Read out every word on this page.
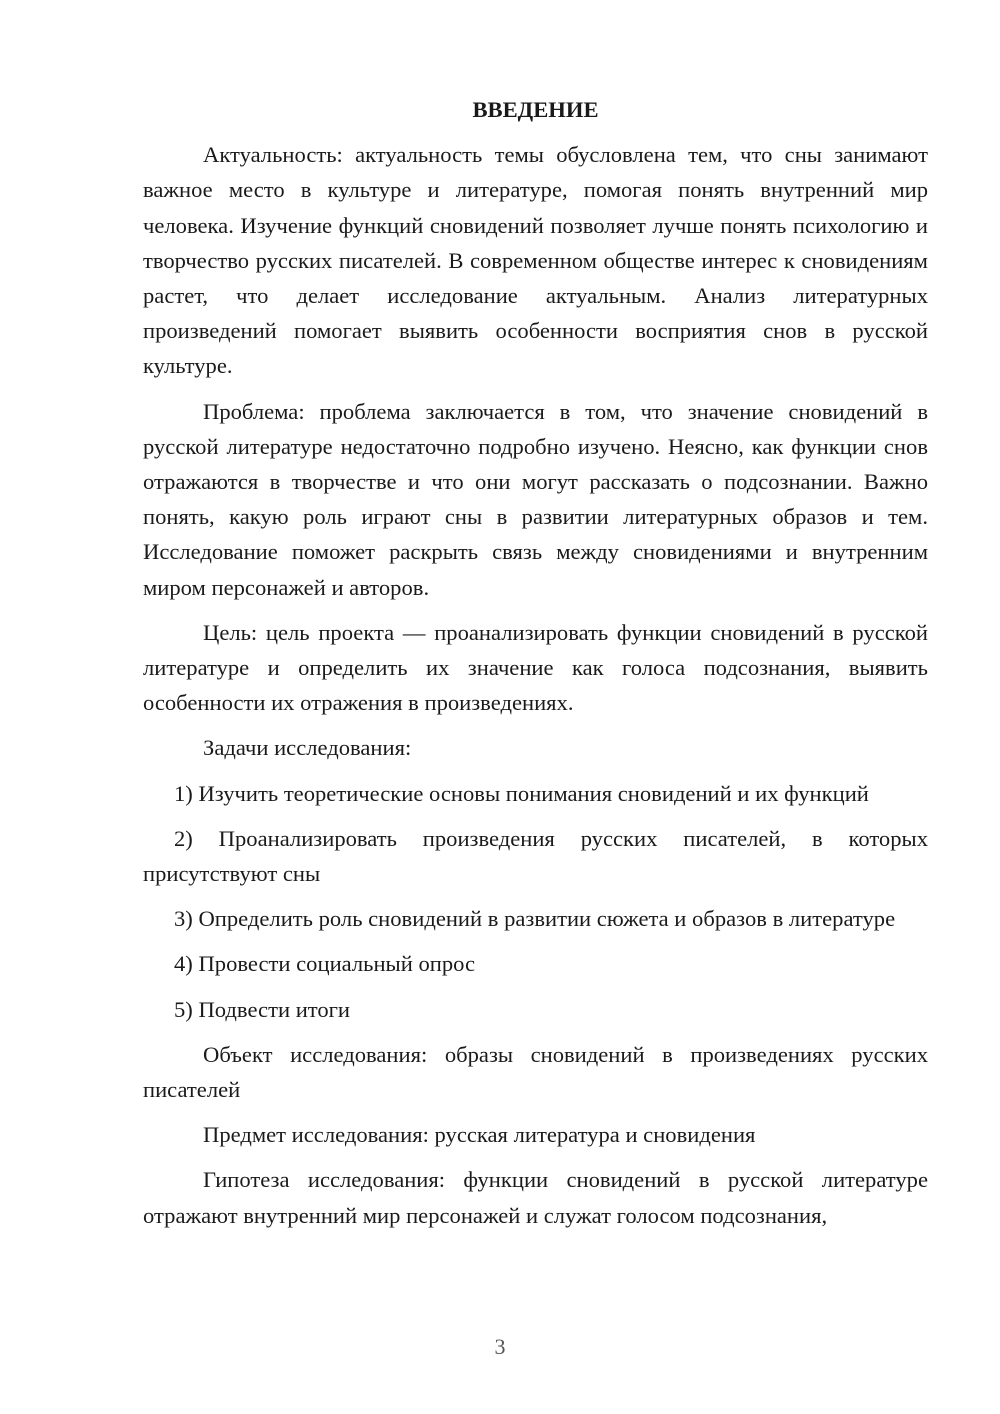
ВВЕДЕНИЕ

Актуальность: актуальность темы обусловлена тем, что сны занимают важное место в культуре и литературе, помогая понять внутренний мир человека. Изучение функций сновидений позволяет лучше понять психологию и творчество русских писателей. В современном обществе интерес к сновидениям растет, что делает исследование актуальным. Анализ литературных произведений помогает выявить особенности восприятия снов в русской культуре.

Проблема: проблема заключается в том, что значение сновидений в русской литературе недостаточно подробно изучено. Неясно, как функции снов отражаются в творчестве и что они могут рассказать о подсознании. Важно понять, какую роль играют сны в развитии литературных образов и тем. Исследование поможет раскрыть связь между сновидениями и внутренним миром персонажей и авторов.

Цель: цель проекта — проанализировать функции сновидений в русской литературе и определить их значение как голоса подсознания, выявить особенности их отражения в произведениях.

Задачи исследования:

1) Изучить теоретические основы понимания сновидений и их функций

2) Проанализировать произведения русских писателей, в которых присутствуют сны

3) Определить роль сновидений в развитии сюжета и образов в литературе

4) Провести социальный опрос

5) Подвести итоги

Объект исследования: образы сновидений в произведениях русских писателей

Предмет исследования: русская литература и сновидения

Гипотеза исследования: функции сновидений в русской литературе отражают внутренний мир персонажей и служат голосом подсознания,

3
